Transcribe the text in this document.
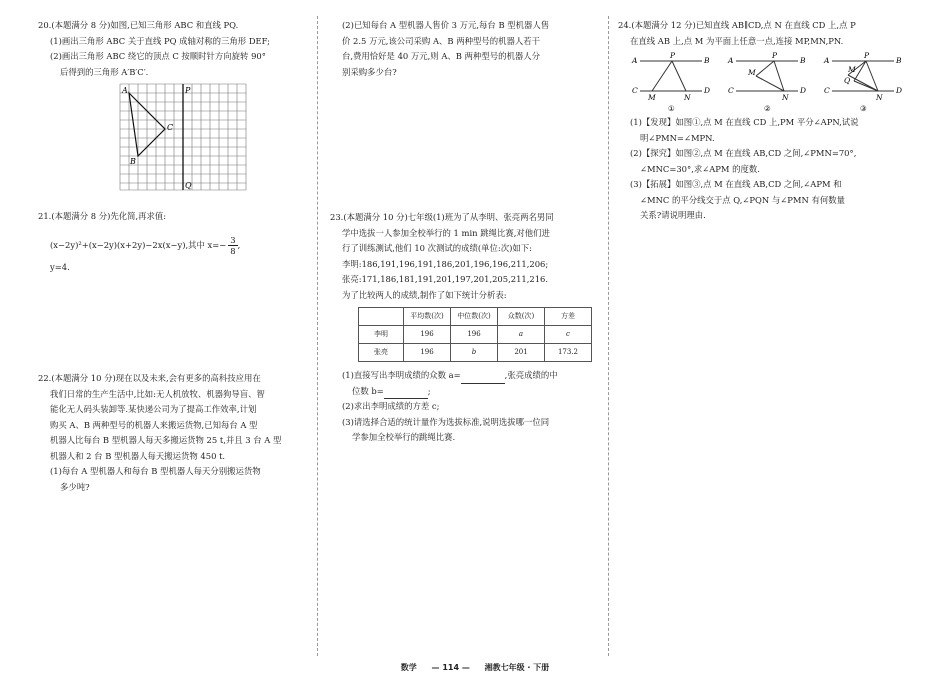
20.(本题满分 8 分)如图,已知三角形 ABC 和直线 PQ.

(1)画出三角形 ABC 关于直线 PQ 成轴对称的三角形 DEF;

(2)画出三角形 ABC 绕它的顶点 C 按顺时针方向旋转 90°

后得到的三角形 A′B′C′.

A
B
C
P
Q

21.(本题满分 8 分)先化简,再求值:

(x−2y)²+(x−2y)(x+2y)−2x(x−y),其中 $x=- \frac{3}{8}$ ,

y=4.

22.(本题满分 10 分)现在以及未来,会有更多的高科技应用在

我们日常的生产生活中,比如:无人机放牧、机器狗导盲、智

能化无人码头装卸等.某快递公司为了提高工作效率,计划

购买 A、B 两种型号的机器人来搬运货物,已知每台 A 型

机器人比每台 B 型机器人每天多搬运货物 25 t,并且 3 台 A 型

机器人和 2 台 B 型机器人每天搬运货物 450 t.

(1)每台 A 型机器人和每台 B 型机器人每天分别搬运货物

多少吨?

(2)已知每台 A 型机器人售价 3 万元,每台 B 型机器人售

价 2.5 万元,该公司采购 A、B 两种型号的机器人若干

台,费用恰好是 40 万元,则 A、B 两种型号的机器人分

别采购多少台?

23.(本题满分 10 分)七年级(1)班为了从李明、张亮两名男同

学中选拔一人参加全校举行的 1 min 跳绳比赛,对他们进

行了训练测试,他们 10 次测试的成绩(单位:次)如下:

李明:186,191,196,191,186,201,196,196,211,206;

张亮:171,186,181,191,201,197,201,205,211,216.

为了比较两人的成绩,制作了如下统计分析表:

	平均数(次)	中位数(次)	众数(次)	方差
李明	196	196	a	c
张亮	196	b	201	173.2

(1)直接写出李明成绩的众数 a=	,张亮成绩的中

位数 b=	;

(2)求出李明成绩的方差 c;

(3)请选择合适的统计量作为选拔标准,说明选拔哪一位同

学参加全校举行的跳绳比赛.

24.(本题满分 12 分)已知直线 AB∥CD,点 N 在直线 CD 上,点 P

在直线 AB 上,点 M 为平面上任意一点,连接 MP,MN,PN.

A
P
B
C
M	N
D
①
A
P
B
M
C
N
D
②
A
P
B
M
Q
C
N
D
③

(1)【发现】如图①,点 M 在直线 CD 上,PM 平分∠APN,试说

明∠PMN=∠MPN.

(2)【探究】如图②,点 M 在直线 AB,CD 之间,∠PMN=70°,

∠MNC=30°,求∠APM 的度数.

(3)【拓展】如图③,点 M 在直线 AB,CD 之间,∠APM 和

∠MNC 的平分线交于点 Q,∠PQN 与∠PMN 有何数量

关系?请说明理由.

数学 — 114 — 湘教七年级 · 下册
